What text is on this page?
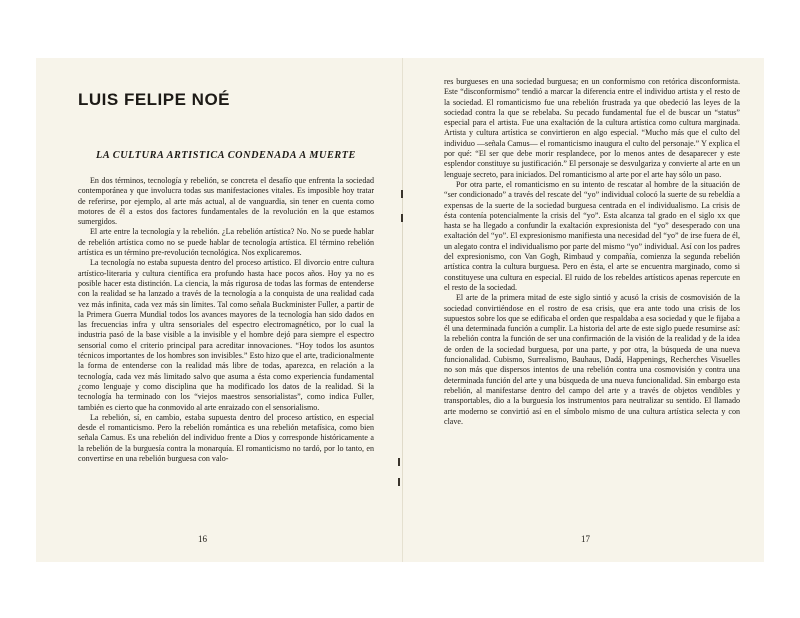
LUIS FELIPE NOÉ
LA CULTURA ARTISTICA CONDENADA A MUERTE

En dos términos, tecnología y rebelión, se concreta el desafío que enfrenta la sociedad contemporánea y que involucra todas sus manifestaciones vitales. Es imposible hoy tratar de referirse, por ejemplo, al arte más actual, al de vanguardia, sin tener en cuenta como motores de él a estos dos factores fundamentales de la revolución en la que estamos sumergidos.

El arte entre la tecnología y la rebelión. ¿La rebelión artística? No. No se puede hablar de rebelión artística como no se puede hablar de tecnología artística. El término rebelión artística es un término pre-revolución tecnológica. Nos explicaremos.

La tecnología no estaba supuesta dentro del proceso artístico. El divorcio entre cultura artístico-literaria y cultura científica era profundo hasta hace pocos años. Hoy ya no es posible hacer esta distinción. La ciencia, la más rigurosa de todas las formas de entenderse con la realidad se ha lanzado a través de la tecnología a la conquista de una realidad cada vez más infinita, cada vez más sin límites. Tal como señala Buckminister Fuller, a partir de la Primera Guerra Mundial todos los avances mayores de la tecnología han sido dados en las frecuencias infra y ultra sensoriales del espectro electromagnético, por lo cual la industria pasó de la base visible a la invisible y el hombre dejó para siempre el espectro sensorial como el criterio principal para acreditar innovaciones. “Hoy todos los asuntos técnicos importantes de los hombres son invisibles.” Esto hizo que el arte, tradicionalmente la forma de entenderse con la realidad más libre de todas, aparezca, en relación a la tecnología, cada vez más limitado salvo que asuma a ésta como experiencia fundamental ¿como lenguaje y como disciplina que ha modificado los datos de la realidad. Si la tecnología ha terminado con los “viejos maestros sensorialistas”, como indica Fuller, también es cierto que ha conmovido al arte enraizado con el sensorialismo.

La rebelión, sí, en cambio, estaba supuesta dentro del proceso artístico, en especial desde el romanticismo. Pero la rebelión romántica es una rebelión metafísica, como bien señala Camus. Es una rebelión del individuo frente a Dios y corresponde históricamente a la rebelión de la burguesía contra la monarquía. El romanticismo no tardó, por lo tanto, en convertirse en una rebelión burguesa con valo-

16

res burgueses en una sociedad burguesa; en un conformismo con retórica disconformista. Este “disconformismo” tendió a marcar la diferencia entre el individuo artista y el resto de la sociedad. El romanticismo fue una rebelión frustrada ya que obedeció las leyes de la sociedad contra la que se rebelaba. Su pecado fundamental fue el de buscar un “status” especial para el artista. Fue una exaltación de la cultura artística como cultura marginada. Artista y cultura artística se convirtieron en algo especial. “Mucho más que el culto del individuo —señala Camus— el romanticismo inaugura el culto del personaje.” Y explica el por qué: “El ser que debe morir resplandece, por lo menos antes de desaparecer y este esplendor constituye su justificación.” El personaje se desvulgariza y convierte al arte en un lenguaje secreto, para iniciados. Del romanticismo al arte por el arte hay sólo un paso.

Por otra parte, el romanticismo en su intento de rescatar al hombre de la situación de “ser condicionado” a través del rescate del “yo” individual colocó la suerte de su rebeldía a expensas de la suerte de la sociedad burguesa centrada en el individualismo. La crisis de ésta contenía potencialmente la crisis del “yo”. Esta alcanza tal grado en el siglo xx que hasta se ha llegado a confundir la exaltación expresionista del “yo” desesperado con una exaltación del “yo”. El expresionismo manifiesta una necesidad del “yo” de irse fuera de él, un alegato contra el individualismo por parte del mismo “yo” individual. Así con los padres del expresionismo, con Van Gogh, Rimbaud y compañía, comienza la segunda rebelión artística contra la cultura burguesa. Pero en ésta, el arte se encuentra marginado, como si constituyese una cultura en especial. El ruido de los rebeldes artísticos apenas repercute en el resto de la sociedad.

El arte de la primera mitad de este siglo sintió y acusó la crisis de cosmovisión de la sociedad convirtiéndose en el rostro de esa crisis, que era ante todo una crisis de los supuestos sobre los que se edificaba el orden que respaldaba a esa sociedad y que le fijaba a él una determinada función a cumplir. La historia del arte de este siglo puede resumirse así: la rebelión contra la función de ser una confirmación de la visión de la realidad y de la idea de orden de la sociedad burguesa, por una parte, y por otra, la búsqueda de una nueva funcionalidad. Cubismo, Surrealismo, Bauhaus, Dadá, Happenings, Recherches Visuelles no son más que dispersos intentos de una rebelión contra una cosmovisión y contra una determinada función del arte y una búsqueda de una nueva funcionalidad. Sin embargo esta rebelión, al manifestarse dentro del campo del arte y a través de objetos vendibles y transportables, dio a la burguesía los instrumentos para neutralizar su sentido. El llamado arte moderno se convirtió así en el símbolo mismo de una cultura artística selecta y con clave.

17
